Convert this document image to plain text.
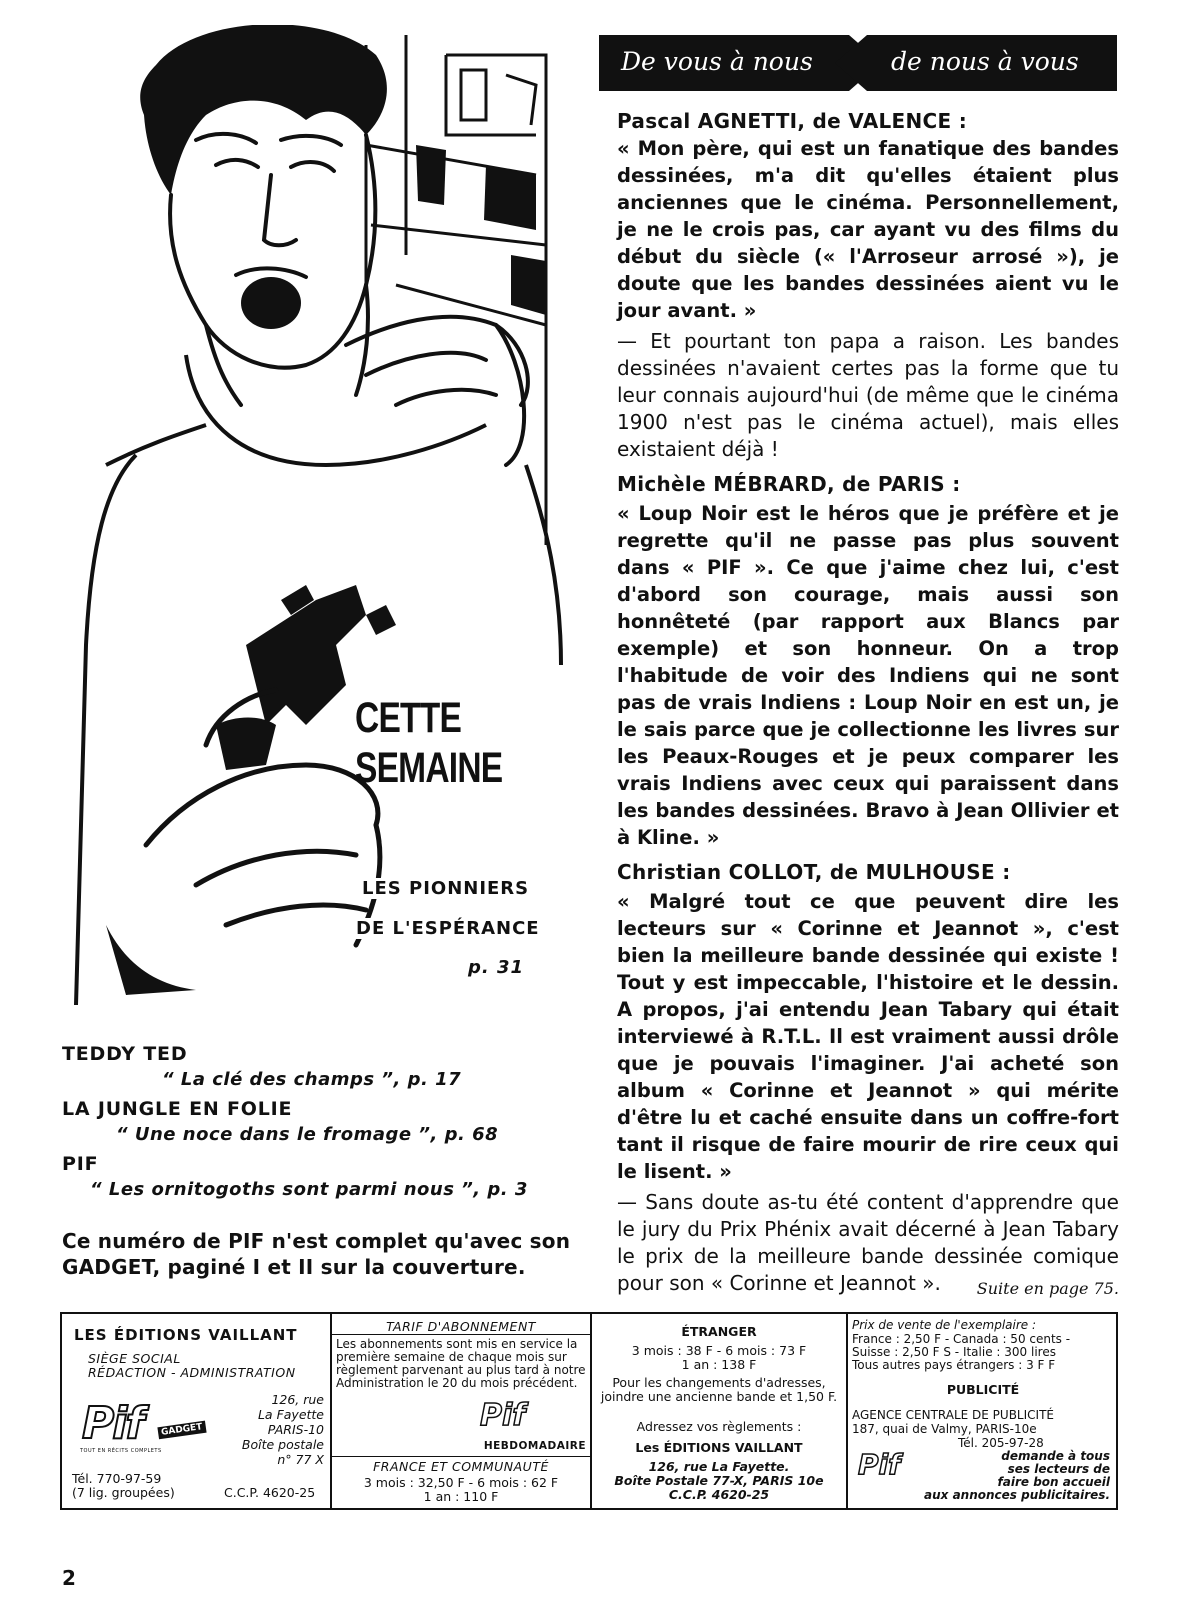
CETTE
SEMAINE
LES PIONNIERS
DE L'ESPÉRANCE
p. 31
TEDDY TED
“ La clé des champs ”, p. 17
LA JUNGLE EN FOLIE
“ Une noce dans le fromage ”, p. 68
PIF
“ Les ornitogoths sont parmi nous ”, p. 3
Ce numéro de PIF n'est complet qu'avec son GADGET, paginé I et II sur la couverture.
De vous à nous	de nous à vous
Pascal AGNETTI, de VALENCE :
« Mon père, qui est un fanatique des bandes dessinées, m'a dit qu'elles étaient plus anciennes que le cinéma. Personnellement, je ne le crois pas, car ayant vu des films du début du siècle (« l'Arroseur arrosé »), je doute que les bandes dessinées aient vu le jour avant. »
— Et pourtant ton papa a raison. Les bandes dessinées n'avaient certes pas la forme que tu leur connais aujourd'hui (de même que le cinéma 1900 n'est pas le cinéma actuel), mais elles existaient déjà !
Michèle MÉBRARD, de PARIS :
« Loup Noir est le héros que je préfère et je regrette qu'il ne passe pas plus souvent dans « PIF ». Ce que j'aime chez lui, c'est d'abord son courage, mais aussi son honnêteté (par rapport aux Blancs par exemple) et son honneur. On a trop l'habitude de voir des Indiens qui ne sont pas de vrais Indiens : Loup Noir en est un, je le sais parce que je collectionne les livres sur les Peaux-Rouges et je peux comparer les vrais Indiens avec ceux qui paraissent dans les bandes dessinées. Bravo à Jean Ollivier et à Kline. »
Christian COLLOT, de MULHOUSE :
« Malgré tout ce que peuvent dire les lecteurs sur « Corinne et Jeannot », c'est bien la meilleure bande dessinée qui existe ! Tout y est impeccable, l'histoire et le dessin. A propos, j'ai entendu Jean Tabary qui était interviewé à R.T.L. Il est vraiment aussi drôle que je pouvais l'imaginer. J'ai acheté son album « Corinne et Jeannot » qui mérite d'être lu et caché ensuite dans un coffre-fort tant il risque de faire mourir de rire ceux qui le lisent. »
— Sans doute as-tu été content d'apprendre que le jury du Prix Phénix avait décerné à Jean Tabary le prix de la meilleure bande dessinée comique pour son « Corinne et Jeannot ».	Suite en page 75.
LES ÉDITIONS VAILLANT
SIÈGE SOCIAL
RÉDACTION - ADMINISTRATION
Pif	GADGET
TOUT EN RÉCITS COMPLETS
126, rue
La Fayette
PARIS-10
Boîte postale
n° 77 X
Tél. 770-97-59
(7 lig. groupées)	C.C.P. 4620-25
TARIF D'ABONNEMENT
Les abonnements sont mis en service la première semaine de chaque mois sur règlement parvenant au plus tard à notre Administration le 20 du mois précédent.
Pif
HEBDOMADAIRE
FRANCE ET COMMUNAUTÉ
3 mois : 32,50 F - 6 mois : 62 F
1 an : 110 F
ÉTRANGER
3 mois : 38 F - 6 mois : 73 F
1 an : 138 F
Pour les changements d'adresses, joindre une ancienne bande et 1,50 F.
Adressez vos règlements :
Les ÉDITIONS VAILLANT
126, rue La Fayette.
Boîte Postale 77-X, PARIS 10e
C.C.P. 4620-25
Prix de vente de l'exemplaire :
France : 2,50 F - Canada : 50 cents -
Suisse : 2,50 F S - Italie : 300 lires
Tous autres pays étrangers : 3 F F
PUBLICITÉ
AGENCE CENTRALE DE PUBLICITÉ
187, quai de Valmy, PARIS-10e
Tél. 205-97-28
Pif	demande à tous
ses lecteurs de
faire bon accueil
aux annonces publicitaires.
2
